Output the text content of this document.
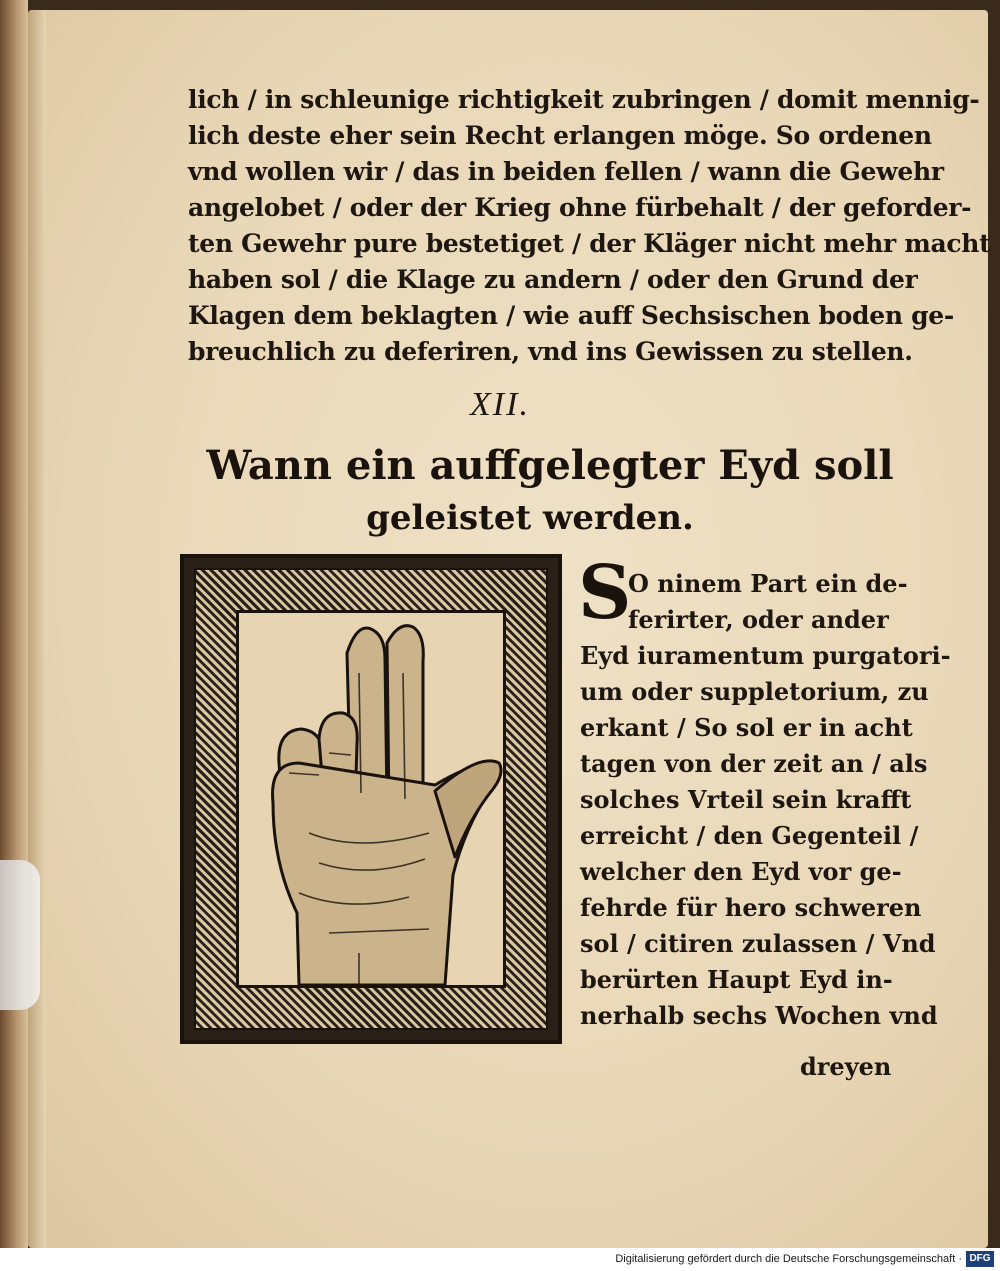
lich / in schleunige richtigkeit zubringen / domit mennig-
lich deste eher sein Recht erlangen möge. So ordenen
vnd wollen wir / das in beiden fellen / wann die Gewehr
angelobet / oder der Krieg ohne fürbehalt / der geforder-
ten Gewehr pure bestetiget / der Kläger nicht mehr macht
haben sol / die Klage zu andern / oder den Grund der
Klagen dem beklagten / wie auff Sechsischen boden ge-
breuchlich zu deferiren, vnd ins Gewissen zu stellen.
XII.
Wann ein auffgelegter Eyd soll
geleistet werden.
S
O ninem Part ein de-
ferirter, oder ander
Eyd iuramentum purgatori-
um oder suppletorium, zu
erkant / So sol er in acht
tagen von der zeit an / als
solches Vrteil sein krafft
erreicht / den Gegenteil /
welcher den Eyd vor ge-
fehrde für hero schweren
sol / citiren zulassen / Vnd
berürten Haupt Eyd in-
nerhalb sechs Wochen vnd
dreyen
Digitalisierung gefördert durch die Deutsche Forschungsgemeinschaft · DFG
